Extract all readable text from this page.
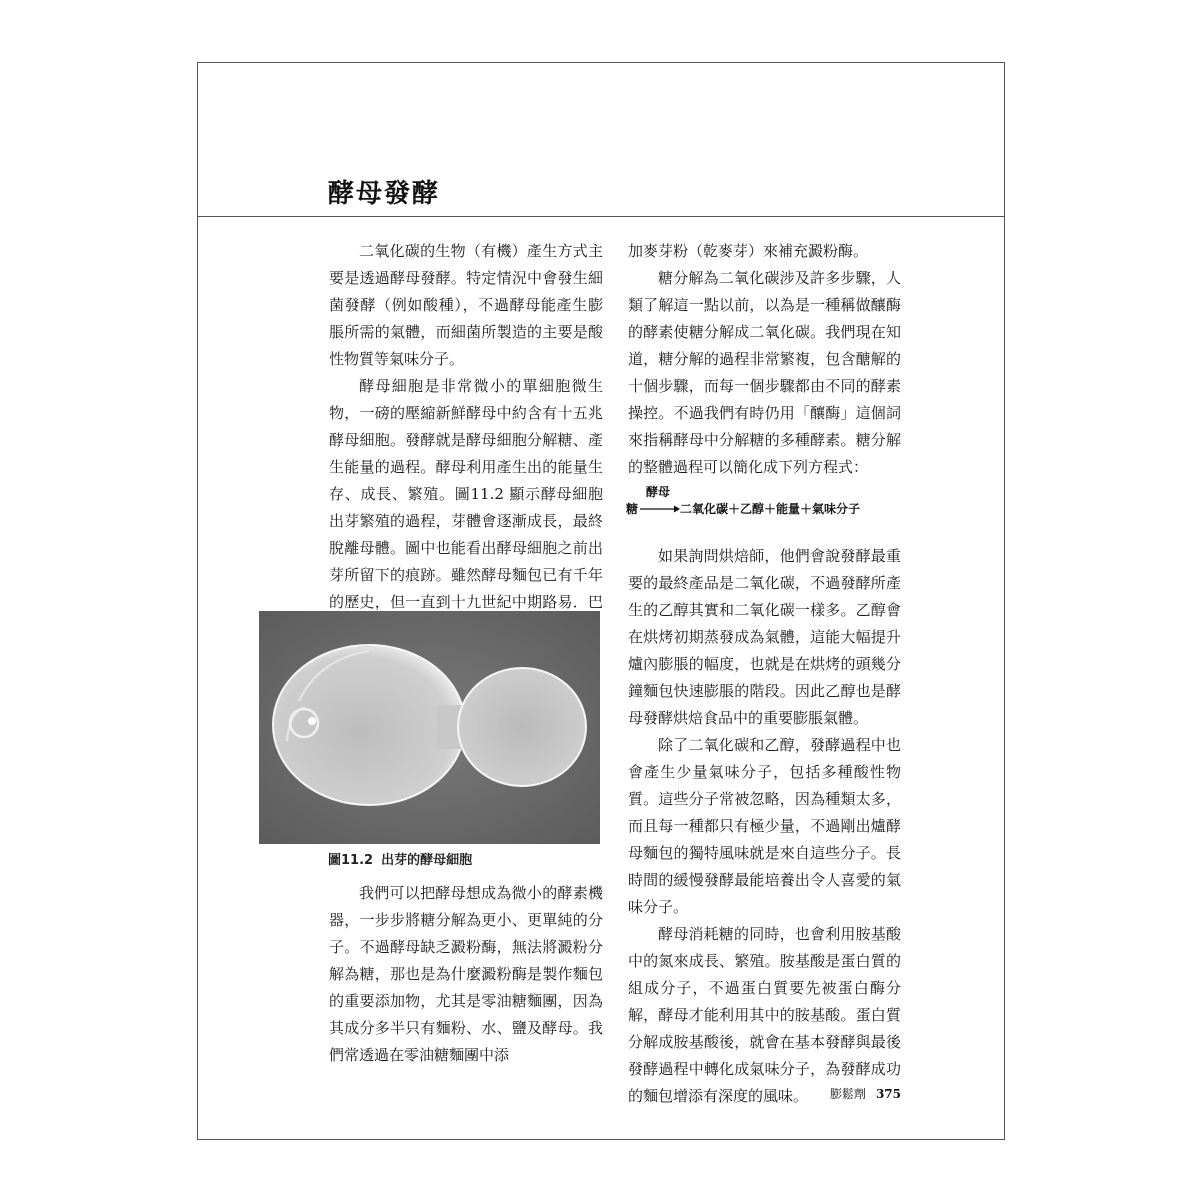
酵母發酵

二氧化碳的生物（有機）產生方式主要是透過酵母發酵。特定情況中會發生細菌發酵（例如酸種），不過酵母能產生膨脹所需的氣體，而細菌所製造的主要是酸性物質等氣味分子。

酵母細胞是非常微小的單細胞微生物，一磅的壓縮新鮮酵母中約含有十五兆酵母細胞。發酵就是酵母細胞分解糖、產生能量的過程。酵母利用產生出的能量生存、成長、繁殖。圖11.2 顯示酵母細胞出芽繁殖的過程，芽體會逐漸成長，最終脫離母體。圖中也能看出酵母細胞之前出芽所留下的痕跡。雖然酵母麵包已有千年的歷史，但一直到十九世紀中期路易．巴

圖11.2 出芽的酵母細胞

我們可以把酵母想成為微小的酵素機器，一步步將糖分解為更小、更單純的分子。不過酵母缺乏澱粉酶，無法將澱粉分解為糖，那也是為什麼澱粉酶是製作麵包的重要添加物，尤其是零油糖麵團，因為其成分多半只有麵粉、水、鹽及酵母。我們常透過在零油糖麵團中添

加麥芽粉（乾麥芽）來補充澱粉酶。

糖分解為二氧化碳涉及許多步驟，人類了解這一點以前，以為是一種稱做釀酶的酵素使糖分解成二氧化碳。我們現在知道，糖分解的過程非常繁複，包含醣解的十個步驟，而每一個步驟都由不同的酵素操控。不過我們有時仍用「釀酶」這個詞來指稱酵母中分解糖的多種酵素。糖分解的整體過程可以簡化成下列方程式：

酵母
糖 → 二氧化碳＋乙醇＋能量＋氣味分子

如果詢問烘焙師，他們會說發酵最重要的最終產品是二氧化碳，不過發酵所產生的乙醇其實和二氧化碳一樣多。乙醇會在烘烤初期蒸發成為氣體，這能大幅提升爐內膨脹的幅度，也就是在烘烤的頭幾分鐘麵包快速膨脹的階段。因此乙醇也是酵母發酵烘焙食品中的重要膨脹氣體。

除了二氧化碳和乙醇，發酵過程中也會產生少量氣味分子，包括多種酸性物質。這些分子常被忽略，因為種類太多，而且每一種都只有極少量，不過剛出爐酵母麵包的獨特風味就是來自這些分子。長時間的緩慢發酵最能培養出令人喜愛的氣味分子。

酵母消耗糖的同時，也會利用胺基酸中的氮來成長、繁殖。胺基酸是蛋白質的組成分子，不過蛋白質要先被蛋白酶分解，酵母才能利用其中的胺基酸。蛋白質分解成胺基酸後，就會在基本發酵與最後發酵過程中轉化成氣味分子，為發酵成功的麵包增添有深度的風味。	膨鬆劑 375
